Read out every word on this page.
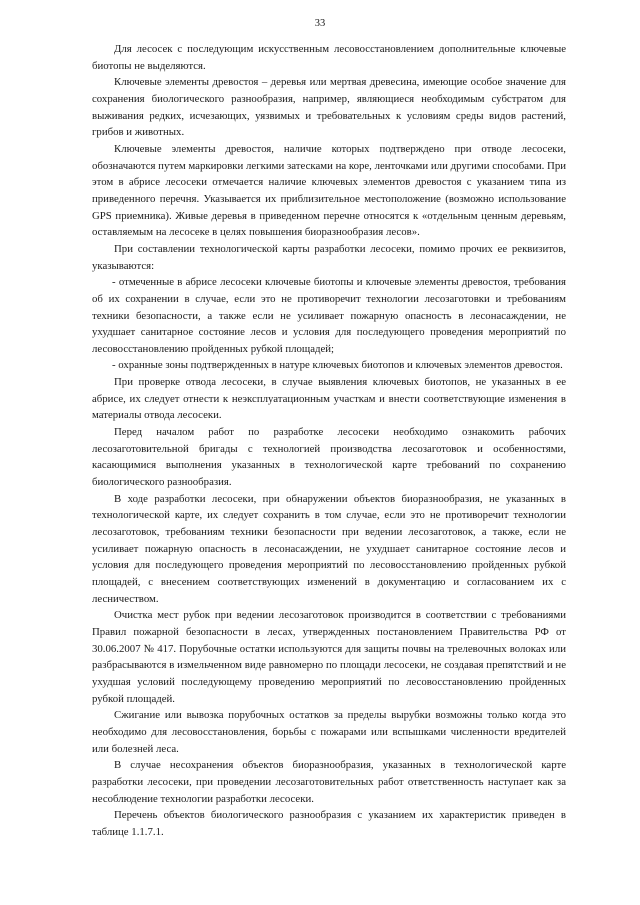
33

Для лесосек с последующим искусственным лесовосстановлением дополнительные ключевые биотопы не выделяются.

Ключевые элементы древостоя – деревья или мертвая древесина, имеющие особое значение для сохранения биологического разнообразия, например, являющиеся необходимым субстратом для выживания редких, исчезающих, уязвимых и требовательных к условиям среды видов растений, грибов и животных.

Ключевые элементы древостоя, наличие которых подтверждено при отводе лесосеки, обозначаются путем маркировки легкими затесками на коре, ленточками или другими способами. При этом в абрисе лесосеки отмечается наличие ключевых элементов древостоя с указанием типа из приведенного перечня. Указывается их приблизительное местоположение (возможно использование GPS приемника). Живые деревья в приведенном перечне относятся к «отдельным ценным деревьям, оставляемым на лесосеке в целях повышения биоразнообразия лесов».

При составлении технологической карты разработки лесосеки, помимо прочих ее реквизитов, указываются:

- отмеченные в абрисе лесосеки ключевые биотопы и ключевые элементы древостоя, требования об их сохранении в случае, если это не противоречит технологии лесозаготовки и требованиям техники безопасности, а также если не усиливает пожарную опасность в лесонасаждении, не ухудшает санитарное состояние лесов и условия для последующего проведения мероприятий по лесовосстановлению пройденных рубкой площадей;

- охранные зоны подтвержденных в натуре ключевых биотопов и ключевых элементов древостоя.

При проверке отвода лесосеки, в случае выявления ключевых биотопов, не указанных в ее абрисе, их следует отнести к неэксплуатационным участкам и внести соответствующие изменения в материалы отвода лесосеки.

Перед началом работ по разработке лесосеки необходимо ознакомить рабочих лесозаготовительной бригады с технологией производства лесозаготовок и особенностями, касающимися выполнения указанных в технологической карте требований по сохранению биологического разнообразия.

В ходе разработки лесосеки, при обнаружении объектов биоразнообразия, не указанных в технологической карте, их следует сохранить в том случае, если это не противоречит технологии лесозаготовок, требованиям техники безопасности при ведении лесозаготовок, а также, если не усиливает пожарную опасность в лесонасаждении, не ухудшает санитарное состояние лесов и условия для последующего проведения мероприятий по лесовосстановлению пройденных рубкой площадей, с внесением соответствующих изменений в документацию и согласованием их с лесничеством.

Очистка мест рубок при ведении лесозаготовок производится в соответствии с требованиями Правил пожарной безопасности в лесах, утвержденных постановлением Правительства РФ от 30.06.2007 № 417. Порубочные остатки используются для защиты почвы на трелевочных волоках или разбрасываются в измельченном виде равномерно по площади лесосеки, не создавая препятствий и не ухудшая условий последующему проведению мероприятий по лесовосстановлению пройденных рубкой площадей.

Сжигание или вывозка порубочных остатков за пределы вырубки возможны только когда это необходимо для лесовосстановления, борьбы с пожарами или вспышками численности вредителей или болезней леса.

В случае несохранения объектов биоразнообразия, указанных в технологической карте разработки лесосеки, при проведении лесозаготовительных работ ответственность наступает как за несоблюдение технологии разработки лесосеки.

Перечень объектов биологического разнообразия с указанием их характеристик приведен в таблице 1.1.7.1.
